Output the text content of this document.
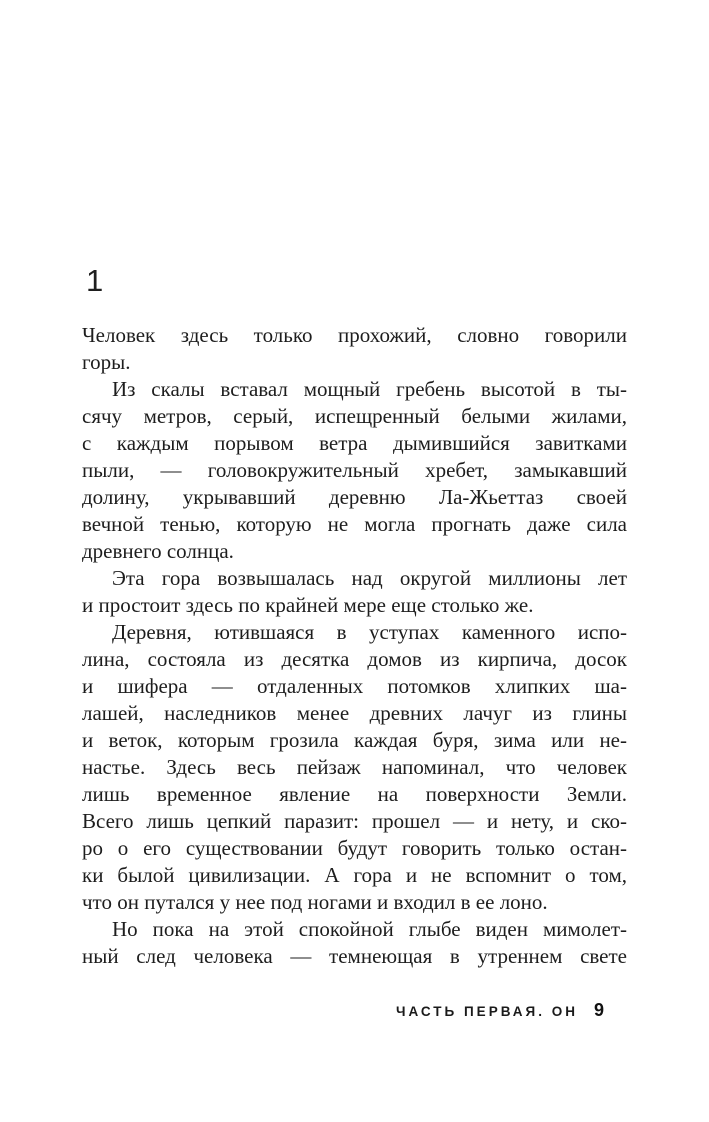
1
Человек здесь только прохожий, словно говорили
горы.
Из скалы вставал мощный гребень высотой в ты-
сячу метров, серый, испещренный белыми жилами,
с каждым порывом ветра дымившийся завитками
пыли, — головокружительный хребет, замыкавший
долину, укрывавший деревню Ла-Жьеттаз своей
вечной тенью, которую не могла прогнать даже сила
древнего солнца.
Эта гора возвышалась над округой миллионы лет
и простоит здесь по крайней мере еще столько же.
Деревня, ютившаяся в уступах каменного испо-
лина, состояла из десятка домов из кирпича, досок
и шифера — отдаленных потомков хлипких ша-
лашей, наследников менее древних лачуг из глины
и веток, которым грозила каждая буря, зима или не-
настье. Здесь весь пейзаж напоминал, что человек
лишь временное явление на поверхности Земли.
Всего лишь цепкий паразит: прошел — и нету, и ско-
ро о его существовании будут говорить только остан-
ки былой цивилизации. А гора и не вспомнит о том,
что он путался у нее под ногами и входил в ее лоно.
Но пока на этой спокойной глыбе виден мимолет-
ный след человека — темнеющая в утреннем свете
ЧАСТЬ ПЕРВАЯ. ОН 9
